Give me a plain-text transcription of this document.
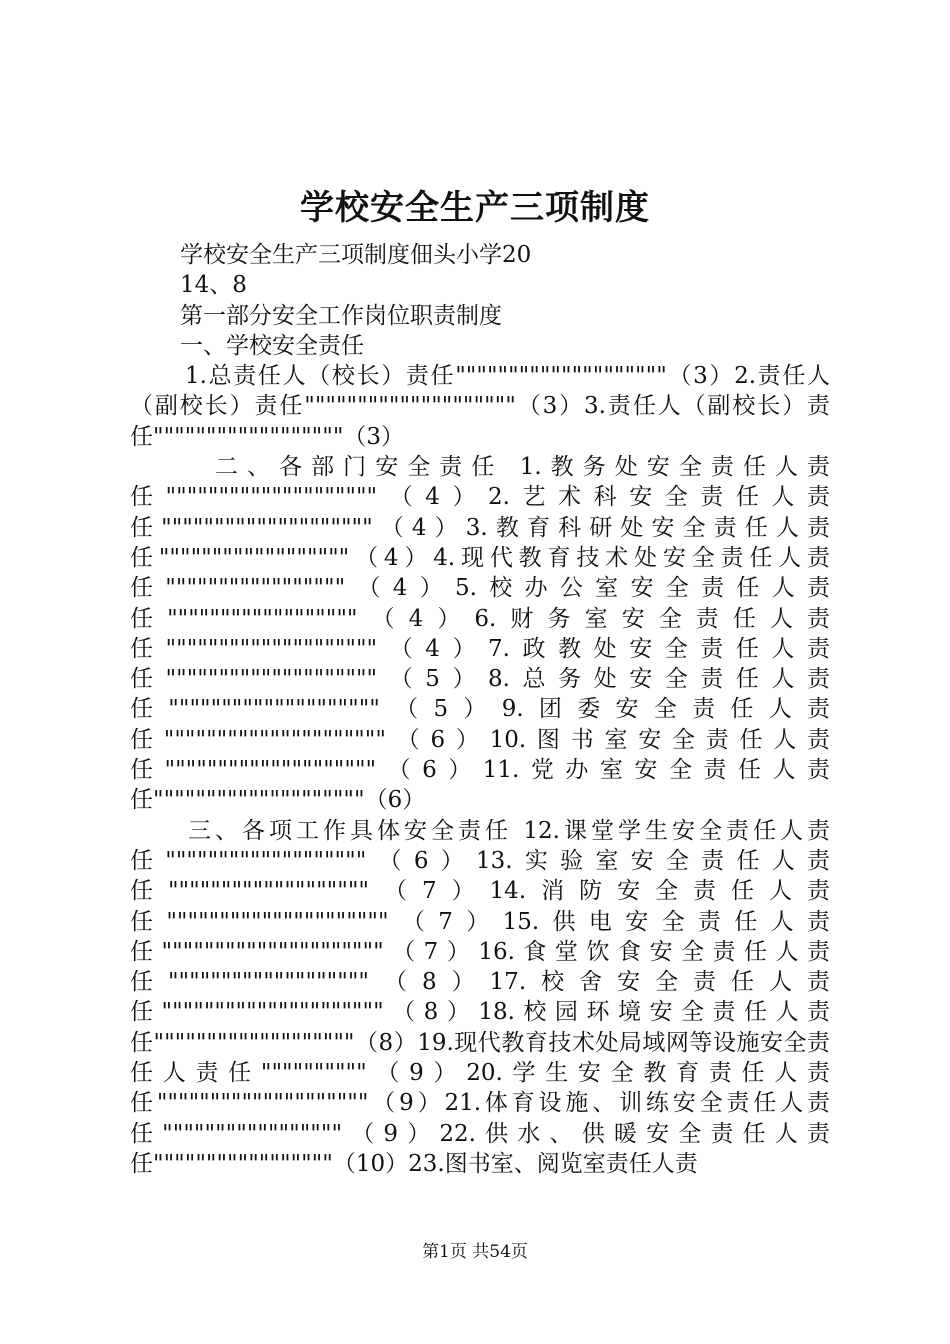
学校安全生产三项制度

学校安全生产三项制度佃头小学20

14、8

第一部分安全工作岗位职责制度

一、学校安全责任

1.总责任人（校长）责任""""""""""""""""""""（3）2.责任人（副校长）责任""""""""""""""""""""（3）3.责任人（副校长）责任""""""""""""""""""（3）

二、各部门安全责任 1.教务处安全责任人责任""""""""""""""""""""（4）2.艺术科安全责任人责任""""""""""""""""""""（4）3.教育科研处安全责任人责任""""""""""""""""""（4）4.现代教育技术处安全责任人责任"""""""""""""""""（4）5.校办公室安全责任人责任""""""""""""""""""（4）6.财务室安全责任人责任""""""""""""""""""""（4）7.政教处安全责任人责任""""""""""""""""""""（5）8.总务处安全责任人责任""""""""""""""""""""（5）9.团委安全责任人责任"""""""""""""""""""""（6）10.图书室安全责任人责任""""""""""""""""""""（6）11.党办室安全责任人责任""""""""""""""""""""（6）

三、各项工作具体安全责任 12.课堂学生安全责任人责任"""""""""""""""""""（6）13.实验室安全责任人责任"""""""""""""""""""（7）14.消防安全责任人责任"""""""""""""""""""""（7）15.供电安全责任人责任"""""""""""""""""""""（7）16.食堂饮食安全责任人责任"""""""""""""""""""（8）17.校舍安全责任人责任"""""""""""""""""""""（8）18.校园环境安全责任人责任"""""""""""""""""""（8）19.现代教育技术处局域网等设施安全责任人责任""""""""""（9）20.学生安全教育责任人责任""""""""""""""""""""（9）21.体育设施、训练安全责任人责任"""""""""""""""""（9）22.供水、供暖安全责任人责任"""""""""""""""""（10）23.图书室、阅览室责任人责

第1页 共54页
